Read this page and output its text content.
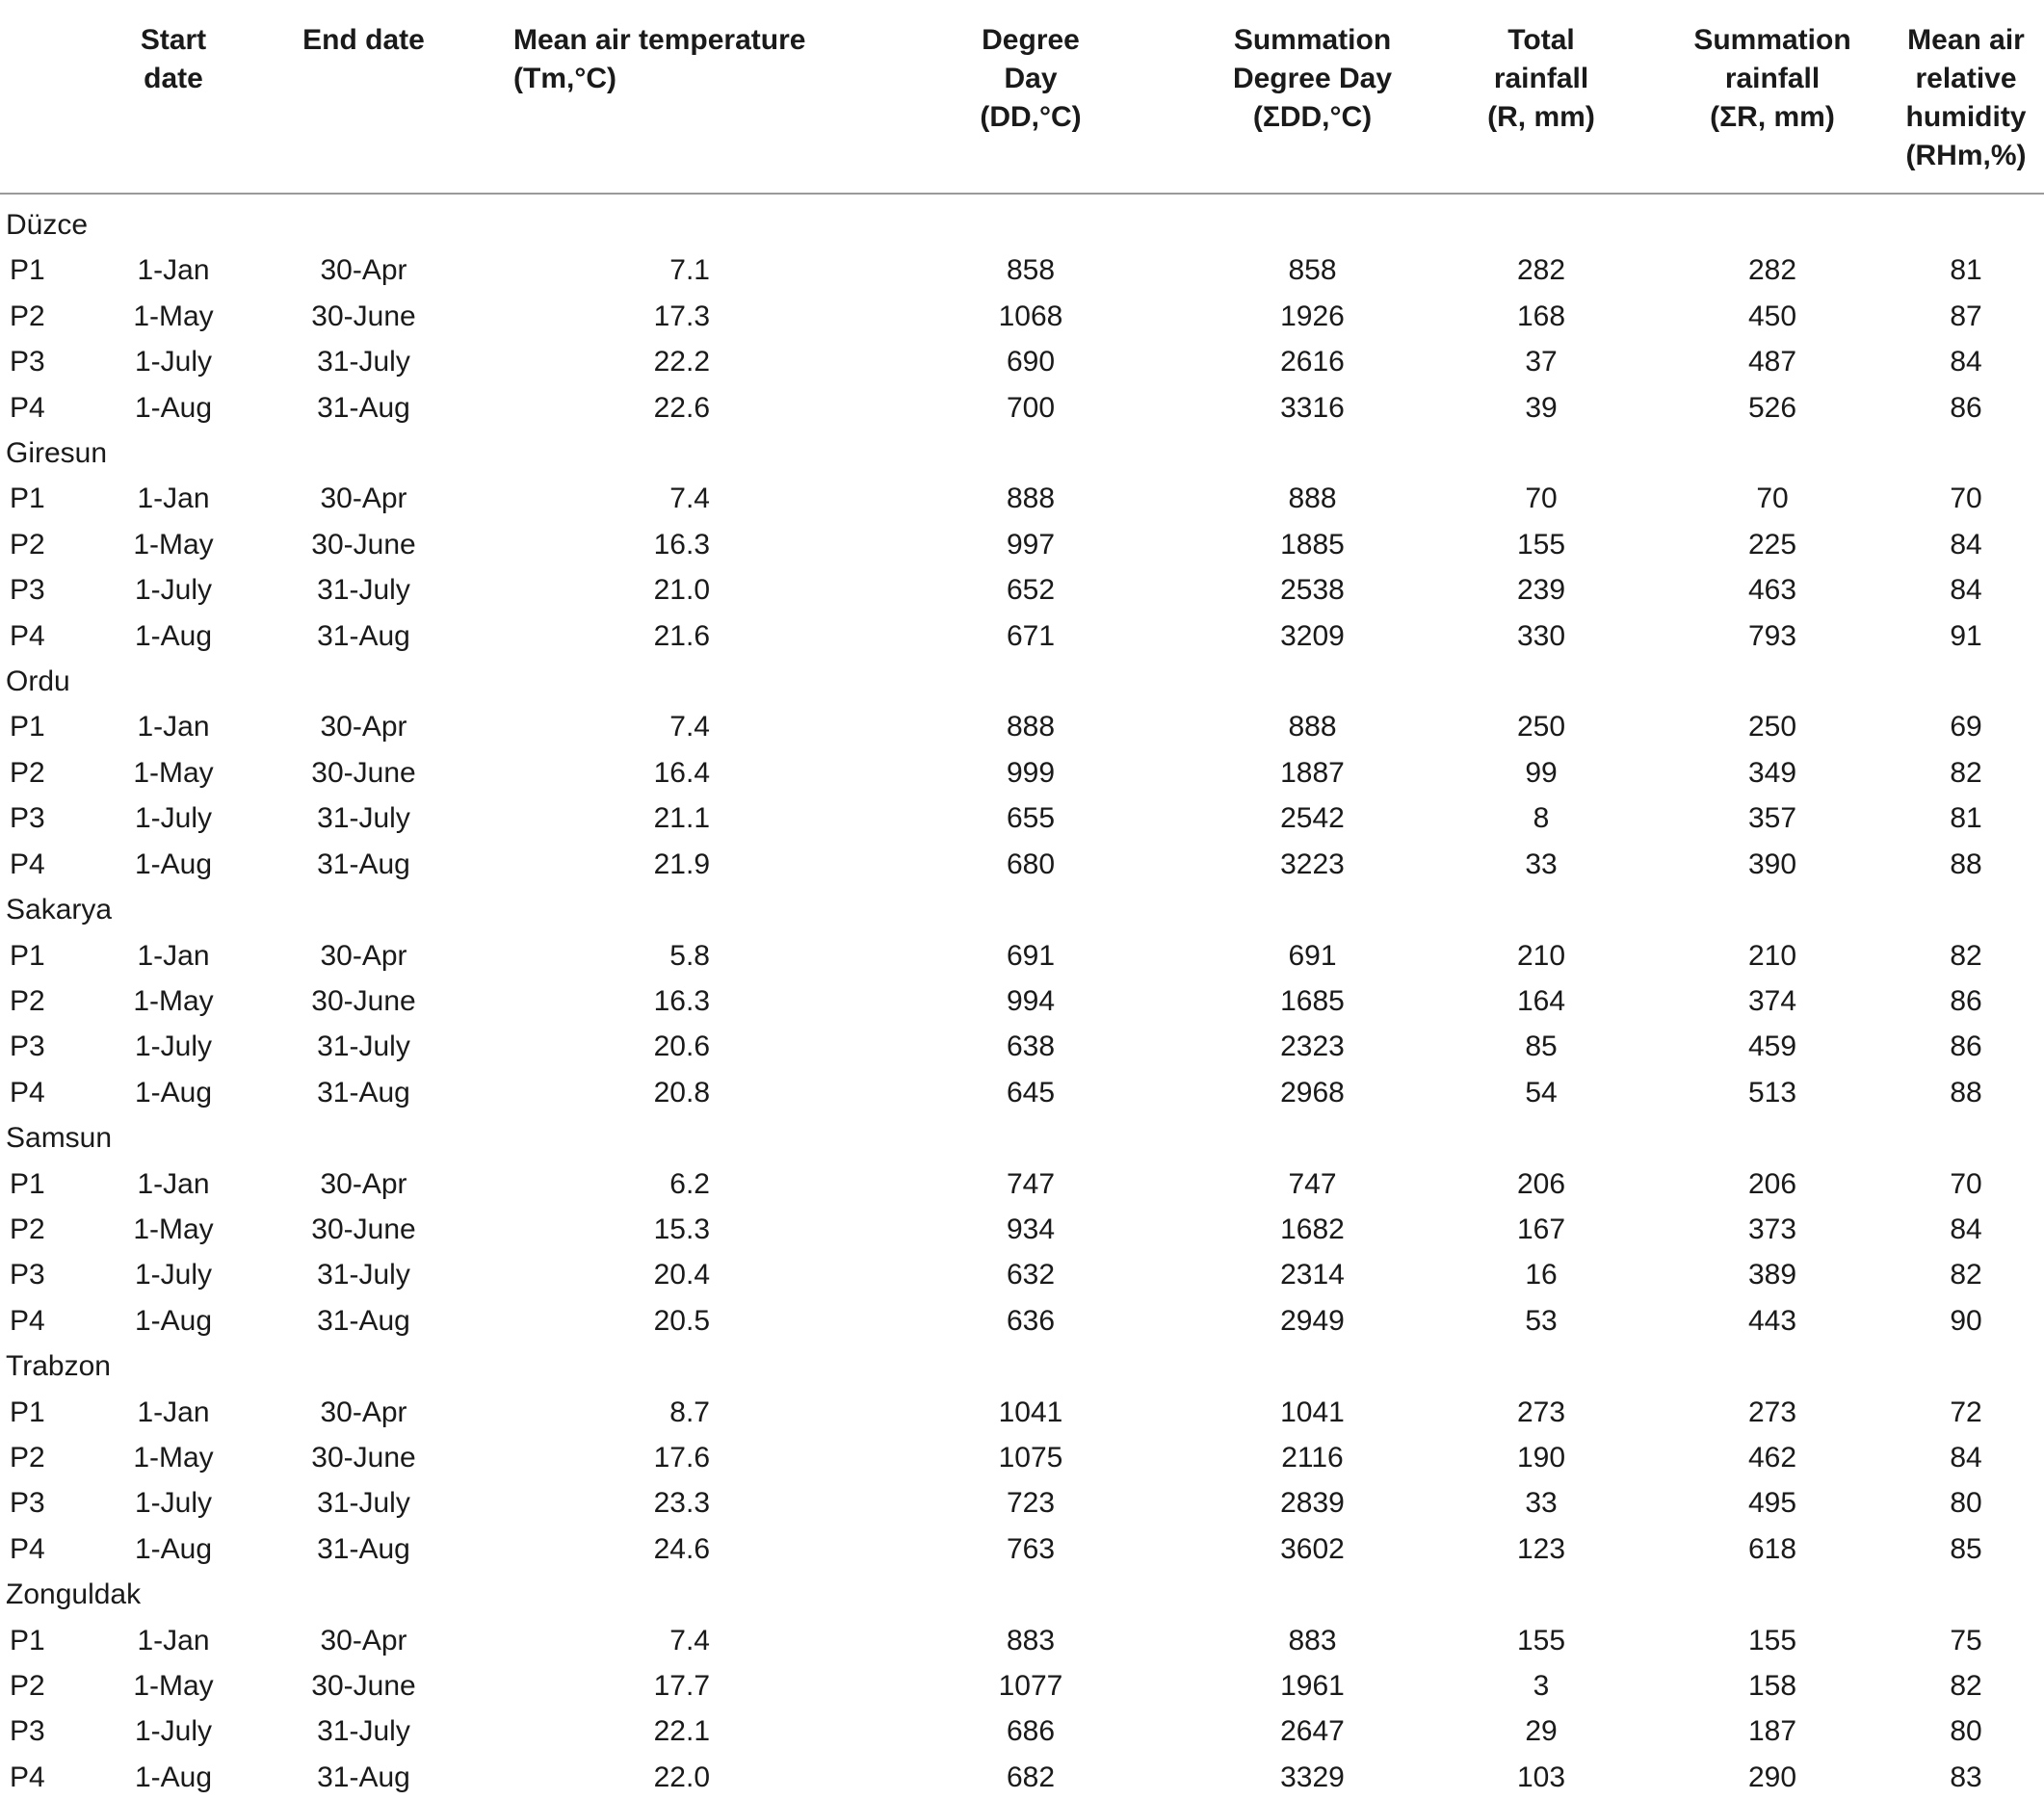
	Start date	End date	Mean air temperature (Tm,°C)	Degree
Day
(DD,°C)	Summation
Degree Day
(ΣDD,°C)	Total
rainfall
(R, mm)	Summation
rainfall
(ΣR, mm)	Mean air
relative
humidity
(RHm,%)
Düzce								
P1	1-Jan	30-Apr	7.1	858	858	282	282	81
P2	1-May	30-June	17.3	1068	1926	168	450	87
P3	1-July	31-July	22.2	690	2616	37	487	84
P4	1-Aug	31-Aug	22.6	700	3316	39	526	86
Giresun								
P1	1-Jan	30-Apr	7.4	888	888	70	70	70
P2	1-May	30-June	16.3	997	1885	155	225	84
P3	1-July	31-July	21.0	652	2538	239	463	84
P4	1-Aug	31-Aug	21.6	671	3209	330	793	91
Ordu								
P1	1-Jan	30-Apr	7.4	888	888	250	250	69
P2	1-May	30-June	16.4	999	1887	99	349	82
P3	1-July	31-July	21.1	655	2542	8	357	81
P4	1-Aug	31-Aug	21.9	680	3223	33	390	88
Sakarya								
P1	1-Jan	30-Apr	5.8	691	691	210	210	82
P2	1-May	30-June	16.3	994	1685	164	374	86
P3	1-July	31-July	20.6	638	2323	85	459	86
P4	1-Aug	31-Aug	20.8	645	2968	54	513	88
Samsun								
P1	1-Jan	30-Apr	6.2	747	747	206	206	70
P2	1-May	30-June	15.3	934	1682	167	373	84
P3	1-July	31-July	20.4	632	2314	16	389	82
P4	1-Aug	31-Aug	20.5	636	2949	53	443	90
Trabzon								
P1	1-Jan	30-Apr	8.7	1041	1041	273	273	72
P2	1-May	30-June	17.6	1075	2116	190	462	84
P3	1-July	31-July	23.3	723	2839	33	495	80
P4	1-Aug	31-Aug	24.6	763	3602	123	618	85
Zonguldak								
P1	1-Jan	30-Apr	7.4	883	883	155	155	75
P2	1-May	30-June	17.7	1077	1961	3	158	82
P3	1-July	31-July	22.1	686	2647	29	187	80
P4	1-Aug	31-Aug	22.0	682	3329	103	290	83
